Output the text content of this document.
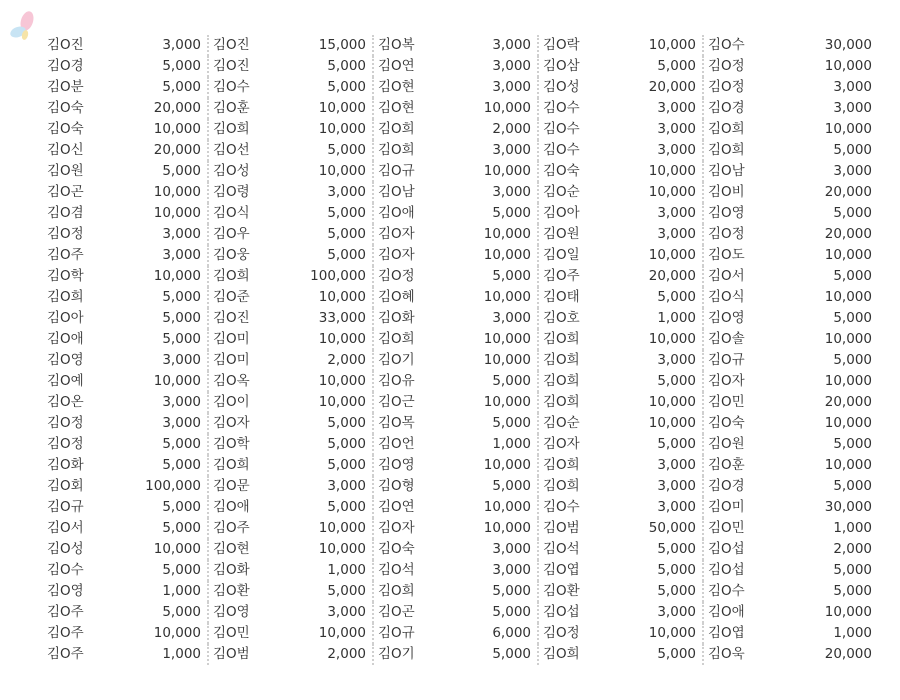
김O진	3,000	김O진	15,000	김O복	3,000	김O락	10,000	김O수	30,000
김O경	5,000	김O진	5,000	김O연	3,000	김O삼	5,000	김O정	10,000
김O분	5,000	김O수	5,000	김O현	3,000	김O성	20,000	김O정	3,000
김O숙	20,000	김O훈	10,000	김O현	10,000	김O수	3,000	김O경	3,000
김O숙	10,000	김O희	10,000	김O희	2,000	김O수	3,000	김O희	10,000
김O신	20,000	김O선	5,000	김O희	3,000	김O수	3,000	김O희	5,000
김O원	5,000	김O성	10,000	김O규	10,000	김O숙	10,000	김O남	3,000
김O곤	10,000	김O령	3,000	김O남	3,000	김O순	10,000	김O비	20,000
김O겸	10,000	김O식	5,000	김O애	5,000	김O아	3,000	김O영	5,000
김O정	3,000	김O우	5,000	김O자	10,000	김O원	3,000	김O정	20,000
김O주	3,000	김O웅	5,000	김O자	10,000	김O일	10,000	김O도	10,000
김O학	10,000	김O희	100,000	김O정	5,000	김O주	20,000	김O서	5,000
김O희	5,000	김O준	10,000	김O혜	10,000	김O태	5,000	김O식	10,000
김O아	5,000	김O진	33,000	김O화	3,000	김O호	1,000	김O영	5,000
김O애	5,000	김O미	10,000	김O희	10,000	김O희	10,000	김O솔	10,000
김O영	3,000	김O미	2,000	김O기	10,000	김O희	3,000	김O규	5,000
김O예	10,000	김O옥	10,000	김O유	5,000	김O희	5,000	김O자	10,000
김O온	3,000	김O이	10,000	김O근	10,000	김O희	10,000	김O민	20,000
김O정	3,000	김O자	5,000	김O목	5,000	김O순	10,000	김O숙	10,000
김O정	5,000	김O학	5,000	김O언	1,000	김O자	5,000	김O원	5,000
김O화	5,000	김O희	5,000	김O영	10,000	김O희	3,000	김O훈	10,000
김O회	100,000	김O문	3,000	김O형	5,000	김O희	3,000	김O경	5,000
김O규	5,000	김O애	5,000	김O연	10,000	김O수	3,000	김O미	30,000
김O서	5,000	김O주	10,000	김O자	10,000	김O범	50,000	김O민	1,000
김O성	10,000	김O현	10,000	김O숙	3,000	김O석	5,000	김O섭	2,000
김O수	5,000	김O화	1,000	김O석	3,000	김O엽	5,000	김O섭	5,000
김O영	1,000	김O환	5,000	김O희	5,000	김O환	5,000	김O수	5,000
김O주	5,000	김O영	3,000	김O곤	5,000	김O섭	3,000	김O애	10,000
김O주	10,000	김O민	10,000	김O규	6,000	김O정	10,000	김O엽	1,000
김O주	1,000	김O범	2,000	김O기	5,000	김O희	5,000	김O욱	20,000
